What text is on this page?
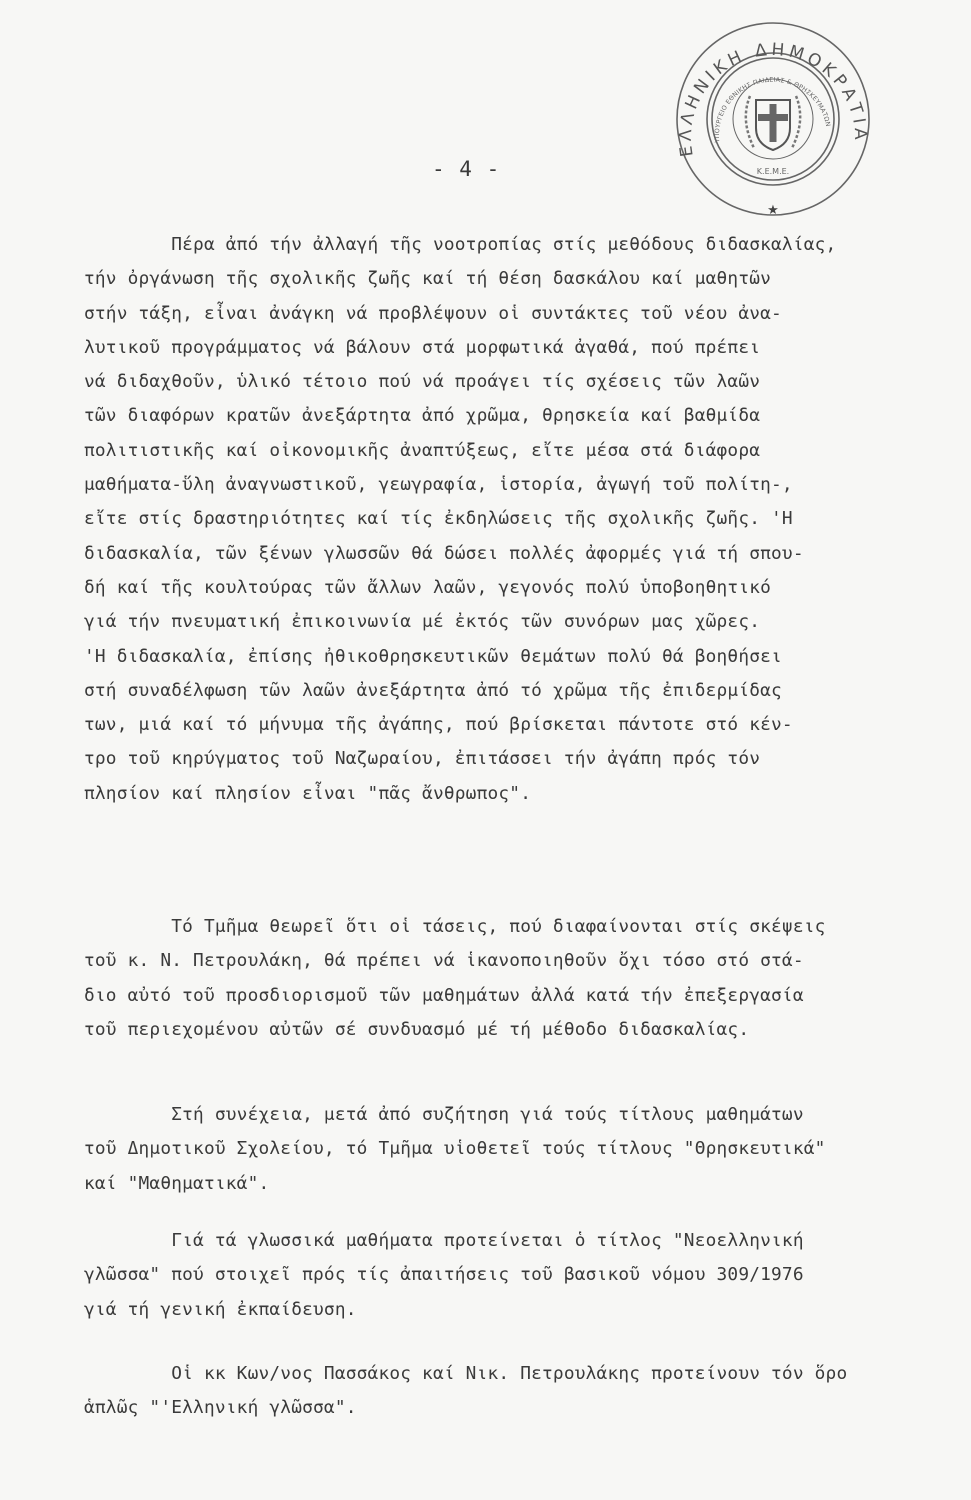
ΕΛΛΗΝΙΚΗ ΔΗΜΟΚΡΑΤΙΑ
ΥΠΟΥΡΓΕΙΟ ΕΘΝΙΚΗΣ ΠΑΙΔΕΙΑΣ & ΘΡΗΣΚΕΥΜΑΤΩΝ
Κ.Ε.Μ.Ε.
★
- 4 -
Πέρα ἀπό τήν ἀλλαγή τῆς νοοτροπίας στίς μεθόδους διδασκαλίας,
τήν ὀργάνωση τῆς σχολικῆς ζωῆς καί τή θέση δασκάλου καί μαθητῶν
στήν τάξη, εἶναι ἀνάγκη νά προβλέψουν οἱ συντάκτες τοῦ νέου ἀνα-
λυτικοῦ προγράμματος νά βάλουν στά μορφωτικά ἀγαθά, πού πρέπει
νά διδαχθοῦν, ὑλικό τέτοιο πού νά προάγει τίς σχέσεις τῶν λαῶν
τῶν διαφόρων κρατῶν ἀνεξάρτητα ἀπό χρῶμα, θρησκεία καί βαθμίδα
πολιτιστικῆς καί οἰκονομικῆς ἀναπτύξεως, εἴτε μέσα στά διάφορα
μαθήματα-ὕλη ἀναγνωστικοῦ, γεωγραφία, ἱστορία, ἀγωγή τοῦ πολίτη-,
εἴτε στίς δραστηριότητες καί τίς ἐκδηλώσεις τῆς σχολικῆς ζωῆς. 'Η
διδασκαλία, τῶν ξένων γλωσσῶν θά δώσει πολλές ἀφορμές γιά τή σπου-
δή καί τῆς κουλτούρας τῶν ἄλλων λαῶν, γεγονός πολύ ὑποβοηθητικό
γιά τήν πνευματική ἐπικοινωνία μέ ἐκτός τῶν συνόρων μας χῶρες.
'Η διδασκαλία, ἐπίσης ἠθικοθρησκευτικῶν θεμάτων πολύ θά βοηθήσει
στή συναδέλφωση τῶν λαῶν ἀνεξάρτητα ἀπό τό χρῶμα τῆς ἐπιδερμίδας
των, μιά καί τό μήνυμα τῆς ἀγάπης, πού βρίσκεται πάντοτε στό κέν-
τρο τοῦ κηρύγματος τοῦ Ναζωραίου, ἐπιτάσσει τήν ἀγάπη πρός τόν
πλησίον καί πλησίον εἶναι "πᾶς ἄνθρωπος".
Τό Τμῆμα θεωρεῖ ὅτι οἱ τάσεις, πού διαφαίνονται στίς σκέψεις
τοῦ κ. Ν. Πετρουλάκη, θά πρέπει νά ἱκανοποιηθοῦν ὄχι τόσο στό στά-
διο αὐτό τοῦ προσδιορισμοῦ τῶν μαθημάτων ἀλλά κατά τήν ἐπεξεργασία
τοῦ περιεχομένου αὐτῶν σέ συνδυασμό μέ τή μέθοδο διδασκαλίας.
Στή συνέχεια, μετά ἀπό συζήτηση γιά τούς τίτλους μαθημάτων
τοῦ Δημοτικοῦ Σχολείου, τό Τμῆμα υἱοθετεῖ τούς τίτλους "Θρησκευτικά"
καί "Μαθηματικά".
Γιά τά γλωσσικά μαθήματα προτείνεται ὁ τίτλος "Νεοελληνική
γλῶσσα" πού στοιχεῖ πρός τίς ἀπαιτήσεις τοῦ βασικοῦ νόμου 309/1976
γιά τή γενική ἐκπαίδευση.
Οἱ κκ Κων/νος Πασσάκος καί Νικ. Πετρουλάκης προτείνουν τόν ὅρο
ἁπλῶς "'Ελληνική γλῶσσα".
